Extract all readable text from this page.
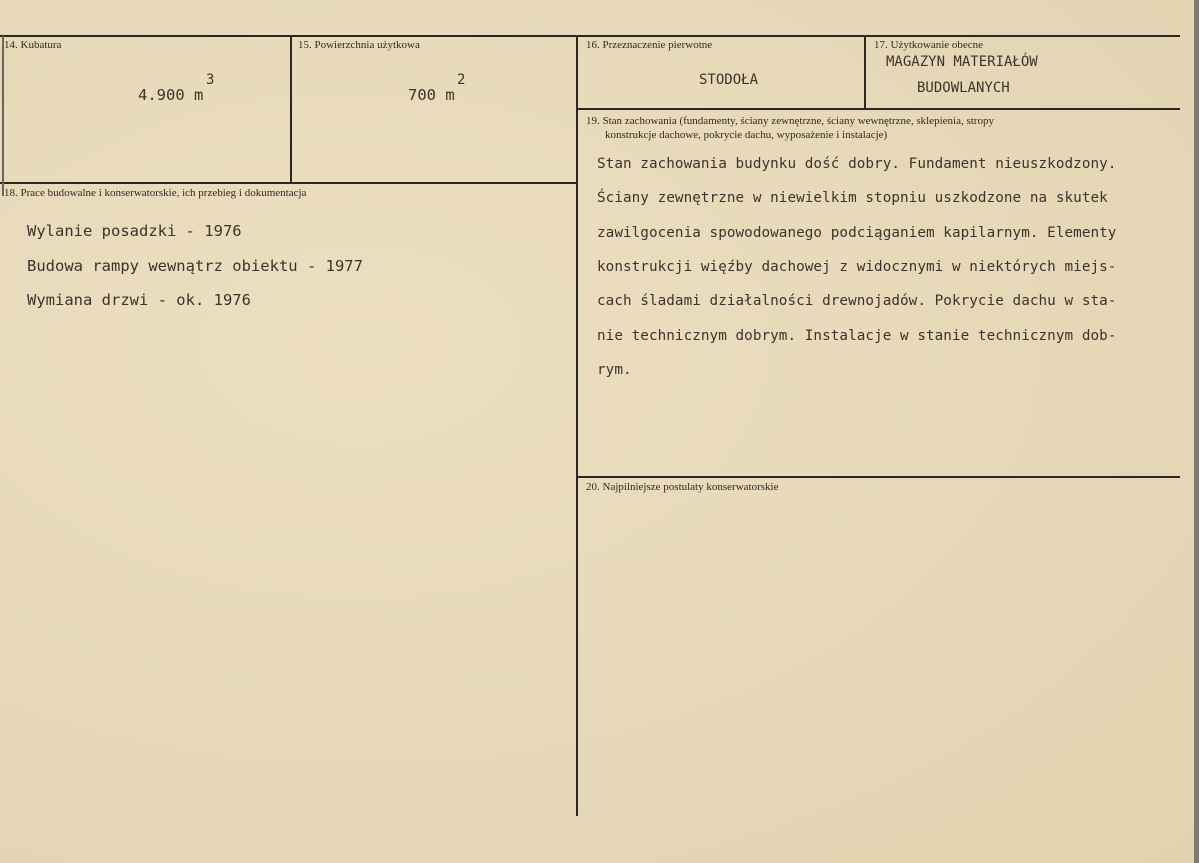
14. Kubatura
4.900 m
3
15. Powierzchnia użytkowa
700 m
2
16. Przeznaczenie pierwotne
STODOŁA
17. Użytkowanie obecne
MAGAZYN MATERIAŁÓW
BUDOWLANYCH
18. Prace budowalne i konserwatorskie, ich przebieg i dokumentacja
Wylanie posadzki - 1976
Budowa rampy wewnątrz obiektu - 1977
Wymiana drzwi - ok. 1976
19. Stan zachowania (fundamenty, ściany zewnętrzne, ściany wewnętrzne, sklepienia, stropy
konstrukcje dachowe, pokrycie dachu, wyposażenie i instalacje)
Stan zachowania budynku dość dobry. Fundament nieuszkodzony.
Ściany zewnętrzne w niewielkim stopniu uszkodzone na skutek
zawilgocenia spowodowanego podciąganiem kapilarnym. Elementy
konstrukcji więźby dachowej z widocznymi w niektórych miejs-
cach śladami działalności drewnojadów. Pokrycie dachu w sta-
nie technicznym dobrym. Instalacje w stanie technicznym dob-
rym.
20. Najpilniejsze postulaty konserwatorskie
